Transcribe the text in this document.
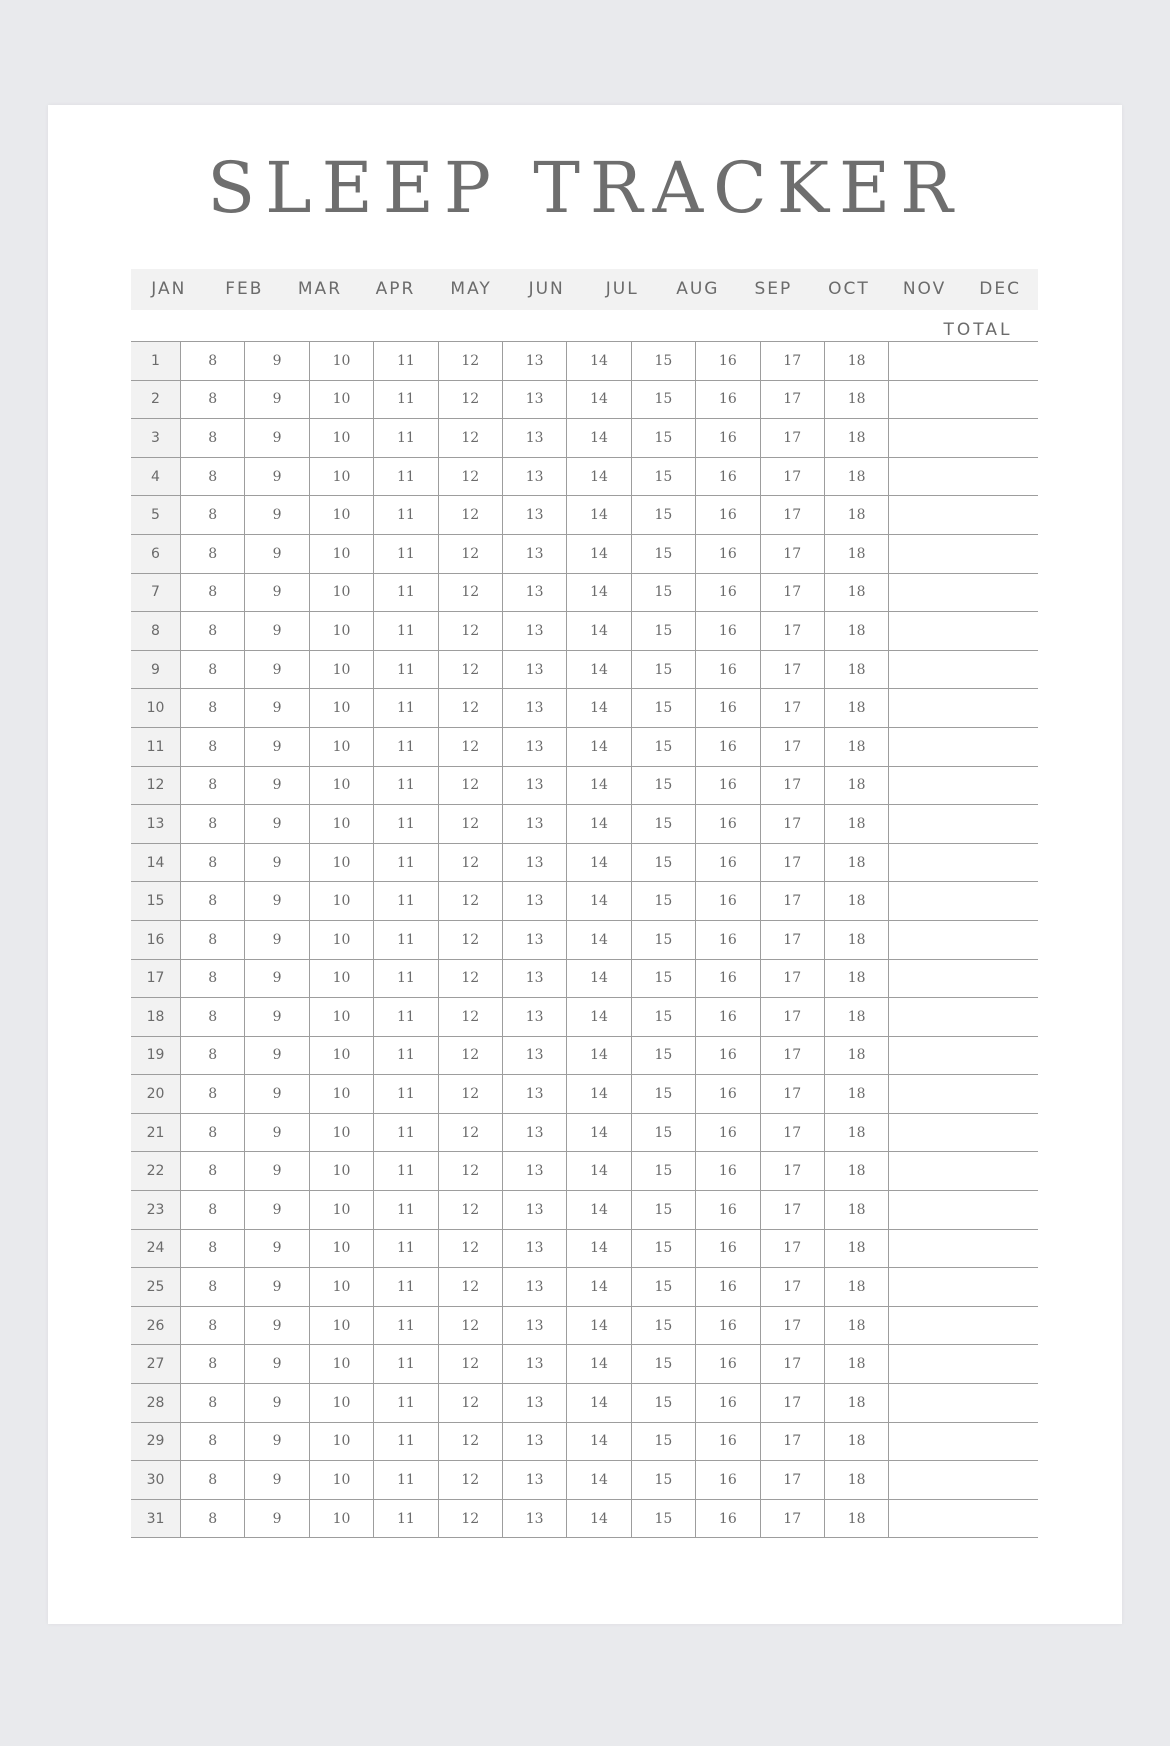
SLEEP TRACKER
JAN	FEB	MAR	APR	MAY	JUN	JUL	AUG	SEP	OCT	NOV	DEC
TOTAL
1	8	9	10	11	12	13	14	15	16	17	18
2	8	9	10	11	12	13	14	15	16	17	18
3	8	9	10	11	12	13	14	15	16	17	18
4	8	9	10	11	12	13	14	15	16	17	18
5	8	9	10	11	12	13	14	15	16	17	18
6	8	9	10	11	12	13	14	15	16	17	18
7	8	9	10	11	12	13	14	15	16	17	18
8	8	9	10	11	12	13	14	15	16	17	18
9	8	9	10	11	12	13	14	15	16	17	18
10	8	9	10	11	12	13	14	15	16	17	18
11	8	9	10	11	12	13	14	15	16	17	18
12	8	9	10	11	12	13	14	15	16	17	18
13	8	9	10	11	12	13	14	15	16	17	18
14	8	9	10	11	12	13	14	15	16	17	18
15	8	9	10	11	12	13	14	15	16	17	18
16	8	9	10	11	12	13	14	15	16	17	18
17	8	9	10	11	12	13	14	15	16	17	18
18	8	9	10	11	12	13	14	15	16	17	18
19	8	9	10	11	12	13	14	15	16	17	18
20	8	9	10	11	12	13	14	15	16	17	18
21	8	9	10	11	12	13	14	15	16	17	18
22	8	9	10	11	12	13	14	15	16	17	18
23	8	9	10	11	12	13	14	15	16	17	18
24	8	9	10	11	12	13	14	15	16	17	18
25	8	9	10	11	12	13	14	15	16	17	18
26	8	9	10	11	12	13	14	15	16	17	18
27	8	9	10	11	12	13	14	15	16	17	18
28	8	9	10	11	12	13	14	15	16	17	18
29	8	9	10	11	12	13	14	15	16	17	18
30	8	9	10	11	12	13	14	15	16	17	18
31	8	9	10	11	12	13	14	15	16	17	18
